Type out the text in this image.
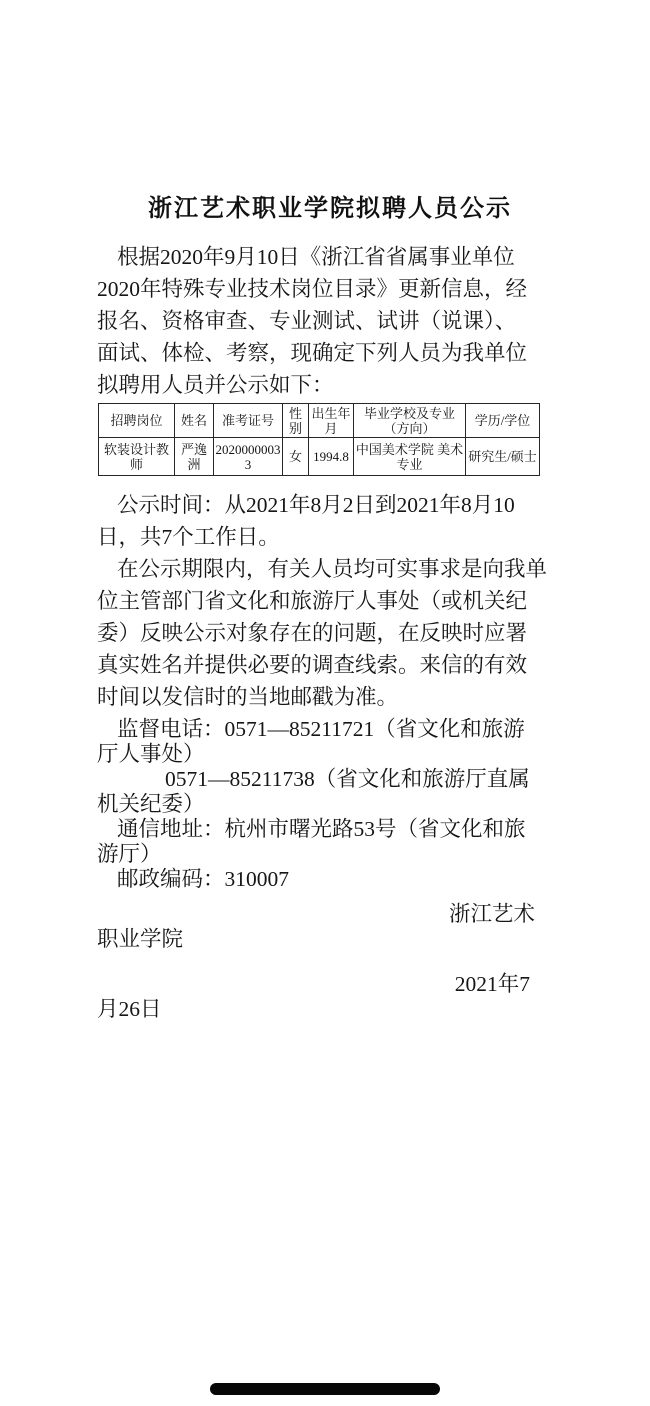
浙江艺术职业学院拟聘人员公示
根据2020年9月10日《浙江省省属事业单位
2020年特殊专业技术岗位目录》更新信息，经
报名、资格审查、专业测试、试讲（说课）、
面试、体检、考察，现确定下列人员为我单位
拟聘用人员并公示如下：
招聘岗位	姓名	准考证号	性别	出生年月	毕业学校及专业（方向）	学历/学位
软装设计教师	严逸洲	20200000033	女	1994.8	中国美术学院 美术专业	研究生/硕士
公示时间：从2021年8月2日到2021年8月10
日，共7个工作日。
在公示期限内，有关人员均可实事求是向我单
位主管部门省文化和旅游厅人事处（或机关纪
委）反映公示对象存在的问题，在反映时应署
真实姓名并提供必要的调查线索。来信的有效
时间以发信时的当地邮戳为准。
监督电话：0571—85211721（省文化和旅游
厅人事处）
0571—85211738（省文化和旅游厅直属
机关纪委）
通信地址：杭州市曙光路53号（省文化和旅
游厅）
邮政编码：310007
浙江艺术
职业学院
2021年7
月26日
